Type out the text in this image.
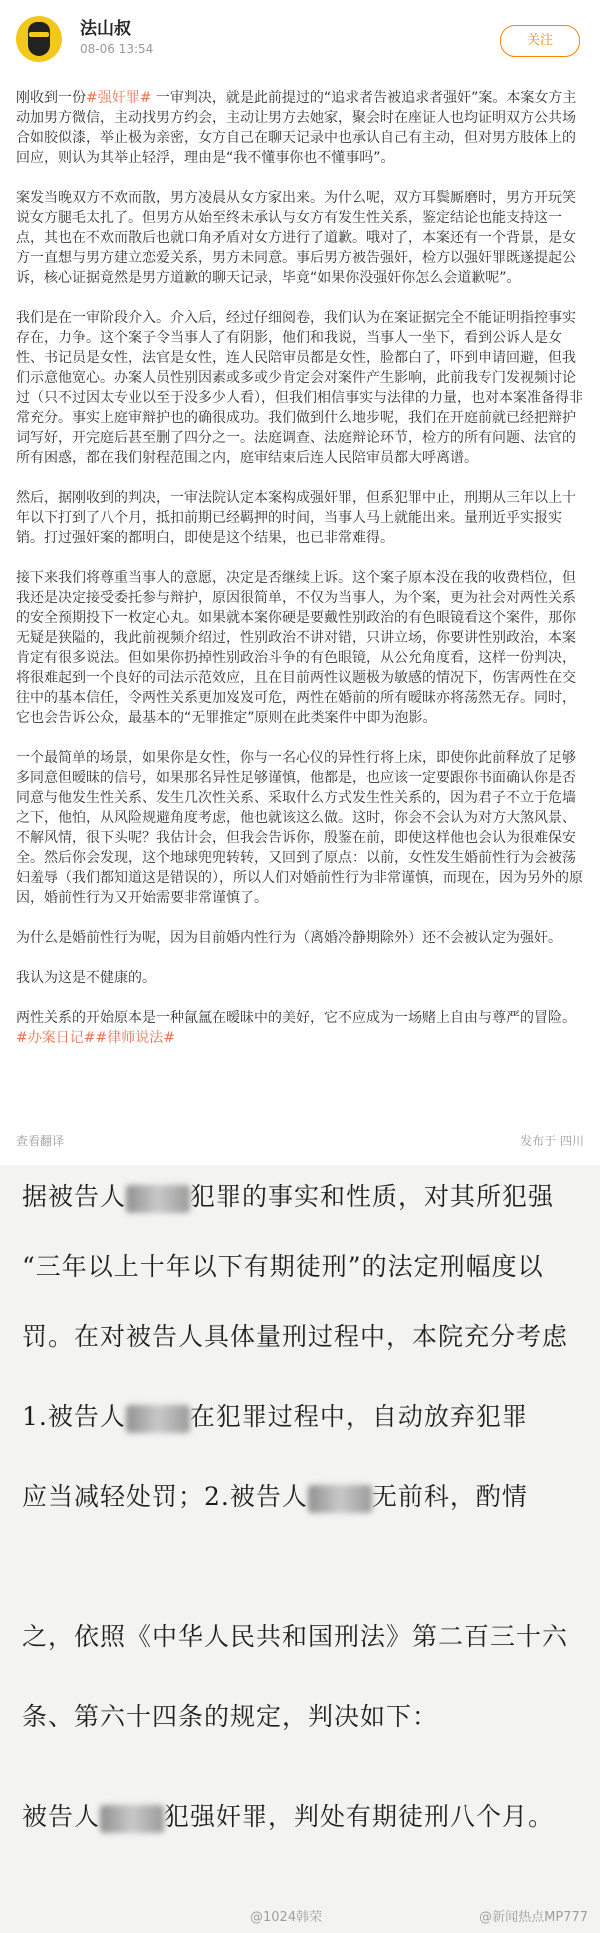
法山叔
08-06 13:54
关注

刚收到一份#强奸罪# 一审判决，就是此前提过的“追求者告被追求者强奸”案。本案女方主动加男方微信，主动找男方约会，主动让男方去她家，聚会时在座证人也均证明双方公共场合如胶似漆，举止极为亲密，女方自己在聊天记录中也承认自己有主动，但对男方肢体上的回应，则认为其举止轻浮，理由是“我不懂事你也不懂事吗”。

案发当晚双方不欢而散，男方凌晨从女方家出来。为什么呢，双方耳鬓厮磨时，男方开玩笑说女方腿毛太扎了。但男方从始至终未承认与女方有发生性关系，鉴定结论也能支持这一点，其也在不欢而散后也就口角矛盾对女方进行了道歉。哦对了，本案还有一个背景，是女方一直想与男方建立恋爱关系，男方未同意。事后男方被告强奸，检方以强奸罪既遂提起公诉，核心证据竟然是男方道歉的聊天记录，毕竟“如果你没强奸你怎么会道歉呢”。

我们是在一审阶段介入。介入后，经过仔细阅卷，我们认为在案证据完全不能证明指控事实存在，力争。这个案子令当事人了有阴影，他们和我说，当事人一坐下，看到公诉人是女性、书记员是女性，法官是女性，连人民陪审员都是女性，脸都白了，吓到申请回避，但我们示意他宽心。办案人员性别因素或多或少肯定会对案件产生影响，此前我专门发视频讨论过（只不过因太专业以至于没多少人看），但我们相信事实与法律的力量，也对本案准备得非常充分。事实上庭审辩护也的确很成功。我们做到什么地步呢，我们在开庭前就已经把辩护词写好，开完庭后甚至删了四分之一。法庭调查、法庭辩论环节，检方的所有问题、法官的所有困惑，都在我们射程范围之内，庭审结束后连人民陪审员都大呼离谱。

然后，据刚收到的判决，一审法院认定本案构成强奸罪，但系犯罪中止，刑期从三年以上十年以下打到了八个月，抵扣前期已经羁押的时间，当事人马上就能出来。量刑近乎实报实销。打过强奸案的都明白，即使是这个结果，也已非常难得。

接下来我们将尊重当事人的意愿，决定是否继续上诉。这个案子原本没在我的收费档位，但我还是决定接受委托参与辩护，原因很简单，不仅为当事人，为个案，更为社会对两性关系的安全预期投下一枚定心丸。如果就本案你硬是要戴性别政治的有色眼镜看这个案件，那你无疑是狭隘的，我此前视频介绍过，性别政治不讲对错，只讲立场，你要讲性别政治，本案肯定有很多说法。但如果你扔掉性别政治斗争的有色眼镜，从公允角度看，这样一份判决，将很难起到一个良好的司法示范效应，且在目前两性议题极为敏感的情况下，伤害两性在交往中的基本信任，令两性关系更加岌岌可危，两性在婚前的所有暧昧亦将荡然无存。同时，它也会告诉公众，最基本的“无罪推定”原则在此类案件中即为泡影。

一个最简单的场景，如果你是女性，你与一名心仪的异性行将上床，即使你此前释放了足够多同意但暧昧的信号，如果那名异性足够谨慎，他都是，也应该一定要跟你书面确认你是否同意与他发生性关系、发生几次性关系、采取什么方式发生性关系的，因为君子不立于危墙之下，他怕，从风险规避角度考虑，他也就该这么做。这时，你会不会认为对方大煞风景、不解风情，很下头呢？我估计会，但我会告诉你，殷鉴在前，即使这样他也会认为很难保安全。然后你会发现，这个地球兜兜转转，又回到了原点：以前，女性发生婚前性行为会被荡妇羞辱（我们都知道这是错误的），所以人们对婚前性行为非常谨慎，而现在，因为另外的原因，婚前性行为又开始需要非常谨慎了。

为什么是婚前性行为呢，因为目前婚内性行为（离婚冷静期除外）还不会被认定为强奸。

我认为这是不健康的。

两性关系的开始原本是一种氤氲在暧昧中的美好，它不应成为一场赌上自由与尊严的冒险。#办案日记##律师说法#

查看翻译	发布于 四川
据被告人	犯罪的事实和性质，对其所犯强
“三年以上十年以下有期徒刑”的法定刑幅度以
罚。在对被告人具体量刑过程中，本院充分考虑
1.被告人	在犯罪过程中，自动放弃犯罪
应当减轻处罚；2.被告人	无前科，酌情
之，依照《中华人民共和国刑法》第二百三十六
条、第六十四条的规定，判决如下：
被告人	犯强奸罪，判处有期徒刑八个月。
@1024韩荣	@新闻热点MP777
